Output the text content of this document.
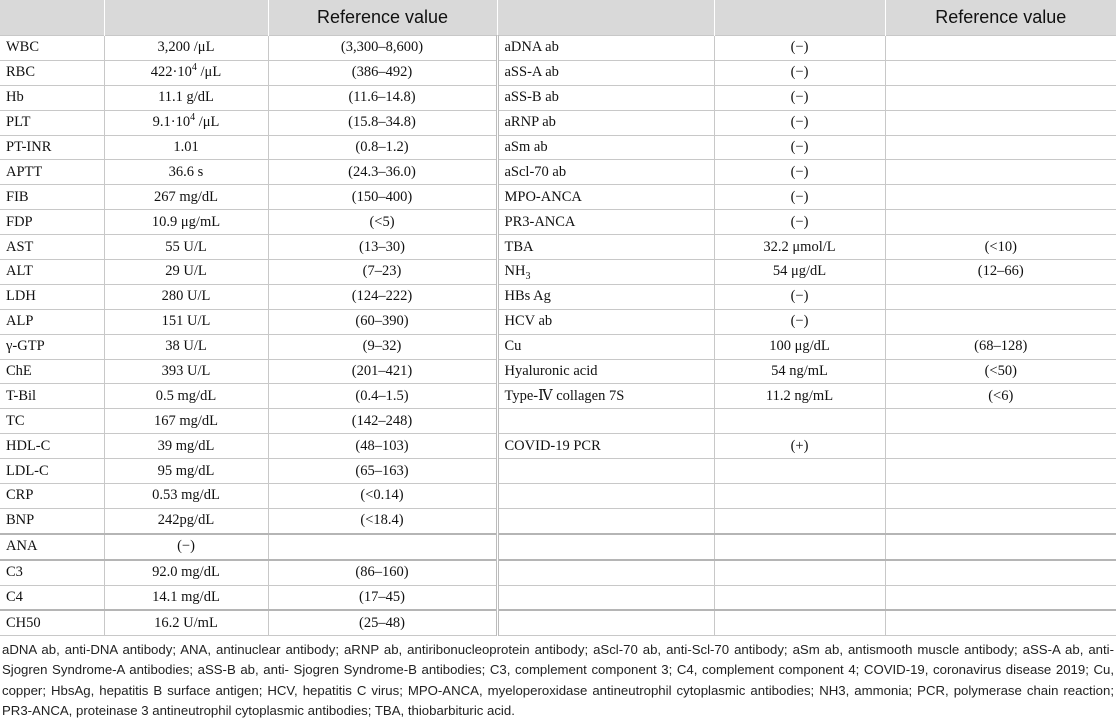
		Reference value			Reference value
WBC	3,200 /μL	(3,300–8,600)	aDNA ab	(−)	
RBC	$422\cdot 10^4$ /μL	(386–492)	aSS-A ab	(−)	
Hb	11.1 g/dL	(11.6–14.8)	aSS-B ab	(−)	
PLT	$9.1\cdot 10^4$ /μL	(15.8–34.8)	aRNP ab	(−)	
PT-INR	1.01	(0.8–1.2)	aSm ab	(−)	
APTT	36.6 s	(24.3–36.0)	aScl-70 ab	(−)	
FIB	267 mg/dL	(150–400)	MPO-ANCA	(−)	
FDP	10.9 μg/mL	(<5)	PR3-ANCA	(−)	
AST	55 U/L	(13–30)	TBA	32.2 μmol/L	(<10)
ALT	29 U/L	(7–23)	$NH_3$	54 μg/dL	(12–66)
LDH	280 U/L	(124–222)	HBs Ag	(−)	
ALP	151 U/L	(60–390)	HCV ab	(−)	
γ-GTP	38 U/L	(9–32)	Cu	100 μg/dL	(68–128)
ChE	393 U/L	(201–421)	Hyaluronic acid	54 ng/mL	(<50)
T-Bil	0.5 mg/dL	(0.4–1.5)	Type-Ⅳ collagen 7S	11.2 ng/mL	(<6)
TC	167 mg/dL	(142–248)			
HDL-C	39 mg/dL	(48–103)	COVID-19 PCR	(+)	
LDL-C	95 mg/dL	(65–163)			
CRP	0.53 mg/dL	(<0.14)			
BNP	242pg/dL	(<18.4)			
ANA	(−)				
C3	92.0 mg/dL	(86–160)			
C4	14.1 mg/dL	(17–45)			
CH50	16.2 U/mL	(25–48)			
aDNA ab, anti-DNA antibody; ANA, antinuclear antibody; aRNP ab, antiribonucleoprotein antibody; aScl-70 ab, anti-Scl-70 antibody; aSm ab, antismooth muscle antibody; aSS-A ab, anti-Sjogren Syndrome-A antibodies; aSS-B ab, anti- Sjogren Syndrome-B antibodies; C3, complement component 3; C4, complement component 4; COVID-19, coronavirus disease 2019; Cu, copper; HbsAg, hepatitis B surface antigen; HCV, hepatitis C virus; MPO-ANCA, myeloperoxidase antineutrophil cytoplasmic antibodies; NH3, ammonia; PCR, polymerase chain reaction; PR3-ANCA, proteinase 3 antineutrophil cytoplasmic antibodies; TBA, thiobarbituric acid.
